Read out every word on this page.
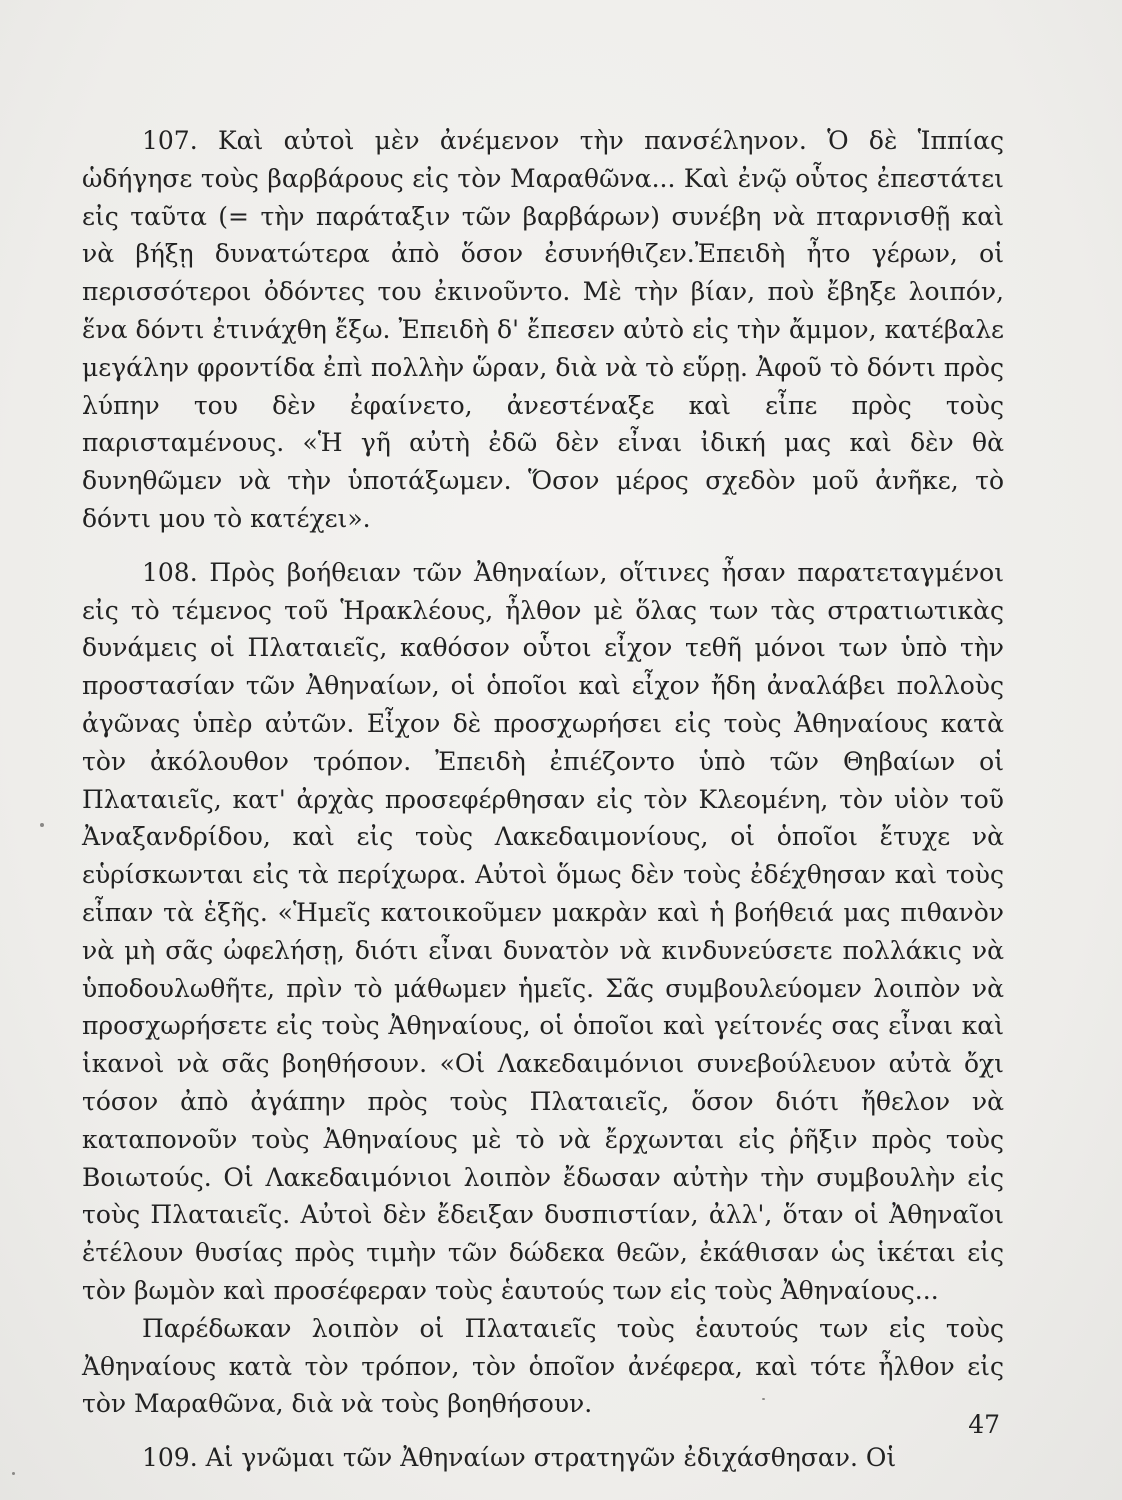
107. Καὶ αὐτοὶ μὲν ἀνέμενον τὴν πανσέληνον. Ὁ δὲ Ἱππίας ὡδήγησε τοὺς βαρβάρους εἰς τὸν Μαραθῶνα... Καὶ ἐνῷ οὗτος ἐπεστάτει εἰς ταῦτα (= τὴν παράταξιν τῶν βαρβάρων) συνέβη νὰ πταρνισθῇ καὶ νὰ βήξῃ δυνατώτερα ἀπὸ ὅσον ἐσυνήθιζεν.Ἐπειδὴ ἦτο γέρων, οἱ περισσότεροι ὀδόντες του ἐκινοῦντο. Μὲ τὴν βίαν, ποὺ ἔβηξε λοιπόν, ἕνα δόντι ἐτινάχθη ἔξω. Ἐπειδὴ δ' ἔπεσεν αὐτὸ εἰς τὴν ἄμμον, κατέβαλε μεγάλην φροντίδα ἐπὶ πολλὴν ὥραν, διὰ νὰ τὸ εὕρῃ. Ἀφοῦ τὸ δόντι πρὸς λύπην του δὲν ἐφαίνετο, ἀνεστέναξε καὶ εἶπε πρὸς τοὺς παρισταμένους. «Ἡ γῆ αὐτὴ ἐδῶ δὲν εἶναι ἰδική μας καὶ δὲν θὰ δυνηθῶμεν νὰ τὴν ὑποτάξωμεν. Ὅσον μέρος σχεδὸν μοῦ ἀνῆκε, τὸ δόντι μου τὸ κατέχει».

108. Πρὸς βοήθειαν τῶν Ἀθηναίων, οἵτινες ἦσαν παρατεταγμένοι εἰς τὸ τέμενος τοῦ Ἡρακλέους, ἦλθον μὲ ὅλας των τὰς στρατιωτικὰς δυνάμεις οἱ Πλαταιεῖς, καθόσον οὗτοι εἶχον τεθῆ μόνοι των ὑπὸ τὴν προστασίαν τῶν Ἀθηναίων, οἱ ὁποῖοι καὶ εἶχον ἤδη ἀναλάβει πολλοὺς ἀγῶνας ὑπὲρ αὐτῶν. Εἶχον δὲ προσχωρήσει εἰς τοὺς Ἀθηναίους κατὰ τὸν ἀκόλουθον τρόπον. Ἐπειδὴ ἐπιέζοντο ὑπὸ τῶν Θηβαίων οἱ Πλαταιεῖς, κατ' ἀρχὰς προσεφέρθησαν εἰς τὸν Κλεομένη, τὸν υἱὸν τοῦ Ἀναξανδρίδου, καὶ εἰς τοὺς Λακεδαιμονίους, οἱ ὁποῖοι ἔτυχε νὰ εὑρίσκωνται εἰς τὰ περίχωρα. Αὐτοὶ ὅμως δὲν τοὺς ἐδέχθησαν καὶ τοὺς εἶπαν τὰ ἑξῆς. «Ἡμεῖς κατοικοῦμεν μακρὰν καὶ ἡ βοήθειά μας πιθανὸν νὰ μὴ σᾶς ὠφελήσῃ, διότι εἶναι δυνατὸν νὰ κινδυνεύσετε πολλάκις νὰ ὑποδουλωθῆτε, πρὶν τὸ μάθωμεν ἡμεῖς. Σᾶς συμβουλεύομεν λοιπὸν νὰ προσχωρήσετε εἰς τοὺς Ἀθηναίους, οἱ ὁποῖοι καὶ γείτονές σας εἶναι καὶ ἱκανοὶ νὰ σᾶς βοηθήσουν. «Οἱ Λακεδαιμόνιοι συνεβούλευον αὐτὰ ὄχι τόσον ἀπὸ ἀγάπην πρὸς τοὺς Πλαταιεῖς, ὅσον διότι ἤθελον νὰ καταπονοῦν τοὺς Ἀθηναίους μὲ τὸ νὰ ἔρχωνται εἰς ῥῆξιν πρὸς τοὺς Βοιωτούς. Οἱ Λακεδαιμόνιοι λοιπὸν ἔδωσαν αὐτὴν τὴν συμβουλὴν εἰς τοὺς Πλαταιεῖς. Αὐτοὶ δὲν ἔδειξαν δυσπιστίαν, ἀλλ', ὅταν οἱ Ἀθηναῖοι ἐτέλουν θυσίας πρὸς τιμὴν τῶν δώδεκα θεῶν, ἐκάθισαν ὡς ἱκέται εἰς τὸν βωμὸν καὶ προσέφεραν τοὺς ἑαυτούς των εἰς τοὺς Ἀθηναίους...

Παρέδωκαν λοιπὸν οἱ Πλαταιεῖς τοὺς ἑαυτούς των εἰς τοὺς Ἀθηναίους κατὰ τὸν τρόπον, τὸν ὁποῖον ἀνέφερα, καὶ τότε ἦλθον εἰς τὸν Μαραθῶνα, διὰ νὰ τοὺς βοηθήσουν.

109. Αἱ γνῶμαι τῶν Ἀθηναίων στρατηγῶν ἐδιχάσθησαν. Οἱ

47
